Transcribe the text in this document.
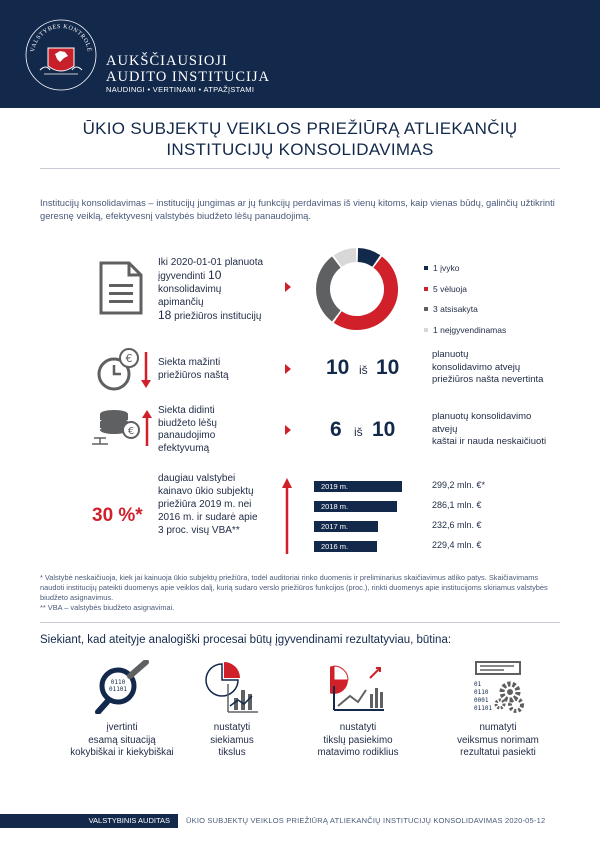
VALSTYBĖS KONTROLĖ
AUKŠČIAUSIOJI
AUDITO INSTITUCIJA
NAUDINGI • VERTINAMI • ATPAŽĮSTAMI
ŪKIO SUBJEKTŲ VEIKLOS PRIEŽIŪRĄ ATLIEKANČIŲ
INSTITUCIJŲ KONSOLIDAVIMAS
Institucijų konsolidavimas – institucijų jungimas ar jų funkcijų perdavimas iš vienų kitoms, kaip vienas būdų, galinčių užtikrinti geresnę veiklą, efektyvesnį valstybės biudžeto lėšų panaudojimą.
Iki 2020-01-01 planuota
įgyvendinti 10
konsolidavimų
apimančių
18 priežiūros institucijų
1 įvyko
5 vėluoja
3 atsisakyta
1 neįgyvendinamas
€	Siekta mažinti
priežiūros naštą	10 iš 10
planuotų
konsolidavimo atvejų
priežiūros našta nevertinta
€
Siekta didinti
biudžeto lėšų
panaudojimo
efektyvumą
6 iš 10
planuotų konsolidavimo
atvejų
kaštai ir nauda neskaičiuoti
30 %*
daugiau valstybei
kainavo ūkio subjektų
priežiūra 2019 m. nei
2016 m. ir sudarė apie
3 proc. visų VBA**
2019 m.	299,2 mln. €*
2018 m.	286,1 mln. €
2017 m.	232,6 mln. €
2016 m.	229,4 mln. €

* Valstybė neskaičiuoja, kiek jai kainuoja ūkio subjektų priežiūra, todėl auditoriai rinko duomenis ir preliminarius skaičiavimus atliko patys. Skaičiavimams naudoti institucijų pateikti duomenys apie veiklos dalį, kurią sudaro verslo priežiūros funkcijos (proc.), rinkti duomenys apie institucijoms skiriamus valstybės biudžeto asignavimus.

** VBA – valstybės biudžeto asignavimai.

Siekiant, kad ateityje analogiški procesai būtų įgyvendinami rezultatyviau, būtina:
0110
01101
01
0110
0001
01101
įvertinti
esamą situaciją
kokybiškai ir kiekybiškai
nustatyti
siekiamus
tikslus
nustatyti
tikslų pasiekimo
matavimo rodiklius
numatyti
veiksmus norimam
rezultatui pasiekti
VALSTYBINIS AUDITAS	ŪKIO SUBJEKTŲ VEIKLOS PRIEŽIŪRĄ ATLIEKANČIŲ INSTITUCIJŲ KONSOLIDAVIMAS 2020-05-12
